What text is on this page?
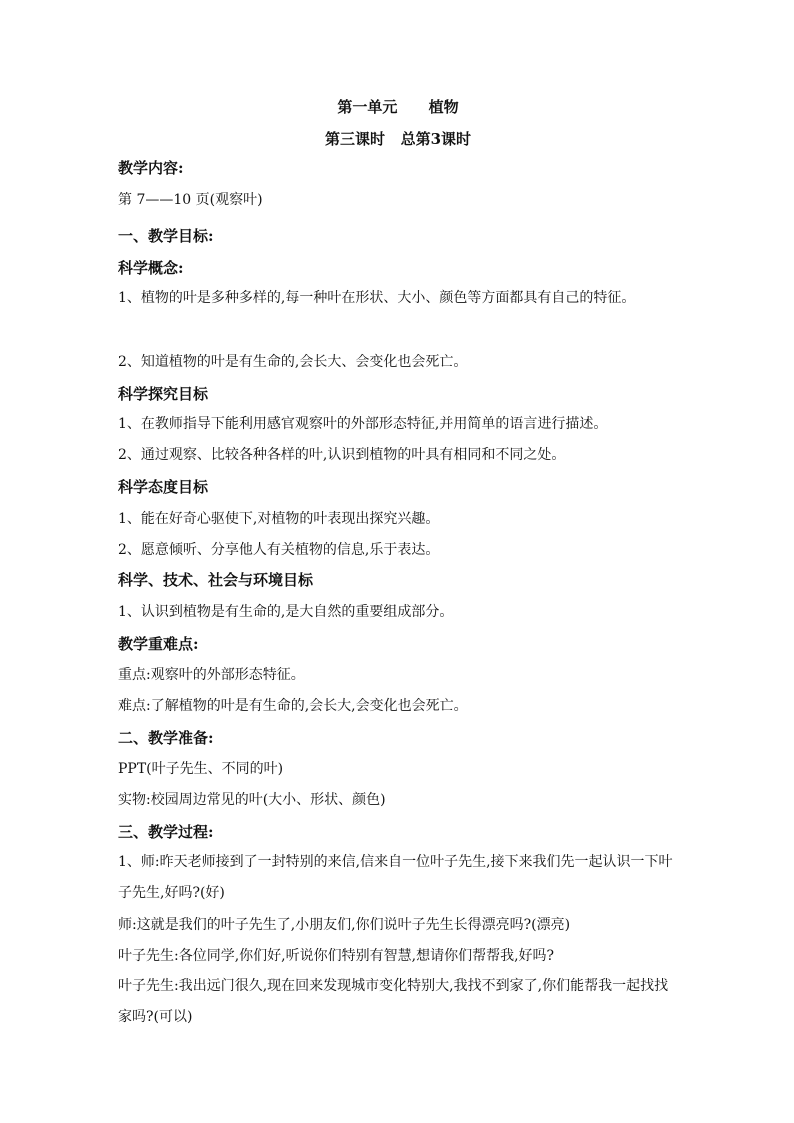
第一单元      植物
第三课时   总第3课时
教学内容:
第 7——10 页(观察叶)
一、教学目标:
科学概念:
1、植物的叶是多种多样的,每一种叶在形状、大小、颜色等方面都具有自己的特征。
2、知道植物的叶是有生命的,会长大、会变化也会死亡。
科学探究目标
1、在教师指导下能利用感官观察叶的外部形态特征,并用简单的语言进行描述。
2、通过观察、比较各种各样的叶,认识到植物的叶具有相同和不同之处。
科学态度目标
1、能在好奇心驱使下,对植物的叶表现出探究兴趣。
2、愿意倾听、分享他人有关植物的信息,乐于表达。
科学、技术、社会与环境目标
1、认识到植物是有生命的,是大自然的重要组成部分。
教学重难点:
重点:观察叶的外部形态特征。
难点:了解植物的叶是有生命的,会长大,会变化也会死亡。
二、教学准备:
PPT(叶子先生、不同的叶)
实物:校园周边常见的叶(大小、形状、颜色)
三、教学过程:
1、师:昨天老师接到了一封特别的来信,信来自一位叶子先生,接下来我们先一起认识一下叶子先生,好吗?(好)
师:这就是我们的叶子先生了,小朋友们,你们说叶子先生长得漂亮吗?(漂亮)
叶子先生:各位同学,你们好,听说你们特别有智慧,想请你们帮帮我,好吗?
叶子先生:我出远门很久,现在回来发现城市变化特别大,我找不到家了,你们能帮我一起找找家吗?(可以)
